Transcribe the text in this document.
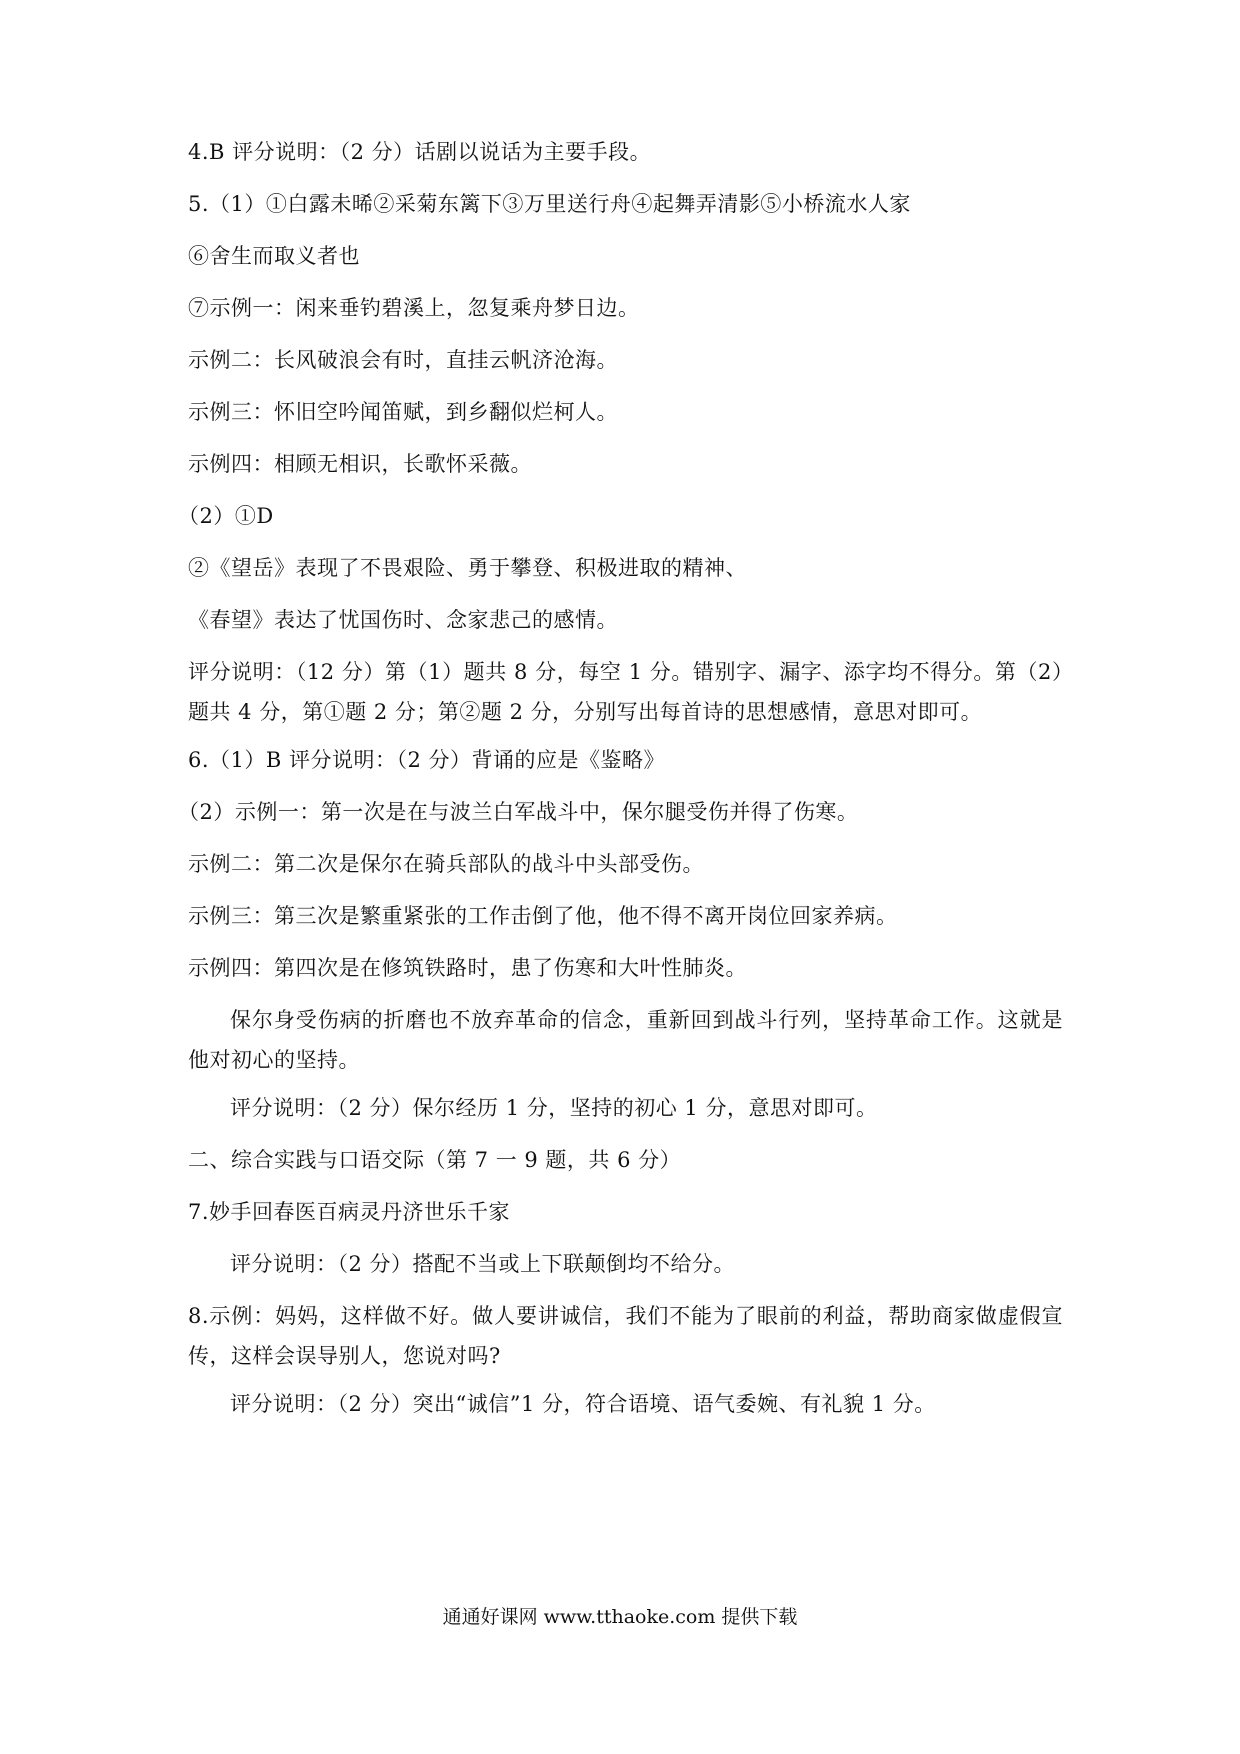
4.B 评分说明：（2 分）话剧以说话为主要手段。
5.（1）①白露未晞②采菊东篱下③万里送行舟④起舞弄清影⑤小桥流水人家
⑥舍生而取义者也
⑦示例一：闲来垂钓碧溪上，忽复乘舟梦日边。
示例二：长风破浪会有时，直挂云帆济沧海。
示例三：怀旧空吟闻笛赋，到乡翻似烂柯人。
示例四：相顾无相识，长歌怀采薇。
（2）①D
②《望岳》表现了不畏艰险、勇于攀登、积极进取的精神、
《春望》表达了忧国伤时、念家悲己的感情。
评分说明：（12 分）第（1）题共 8 分，每空 1 分。错别字、漏字、添字均不得分。第（2）题共 4 分，第①题 2 分；第②题 2 分，分别写出每首诗的思想感情，意思对即可。
6.（1）B 评分说明：（2 分）背诵的应是《鉴略》
（2）示例一：第一次是在与波兰白军战斗中，保尔腿受伤并得了伤寒。
示例二：第二次是保尔在骑兵部队的战斗中头部受伤。
示例三：第三次是繁重紧张的工作击倒了他，他不得不离开岗位回家养病。
示例四：第四次是在修筑铁路时，患了伤寒和大叶性肺炎。
保尔身受伤病的折磨也不放弃革命的信念，重新回到战斗行列，坚持革命工作。这就是他对初心的坚持。
评分说明：（2 分）保尔经历 1 分，坚持的初心 1 分，意思对即可。
二、综合实践与口语交际（第 7 一 9 题，共 6 分）
7.妙手回春医百病灵丹济世乐千家
评分说明：（2 分）搭配不当或上下联颠倒均不给分。
8.示例：妈妈，这样做不好。做人要讲诚信，我们不能为了眼前的利益，帮助商家做虚假宣传，这样会误导别人，您说对吗?
评分说明：（2 分）突出“诚信”1 分，符合语境、语气委婉、有礼貌 1 分。
通通好课网 www.tthaoke.com 提供下载
